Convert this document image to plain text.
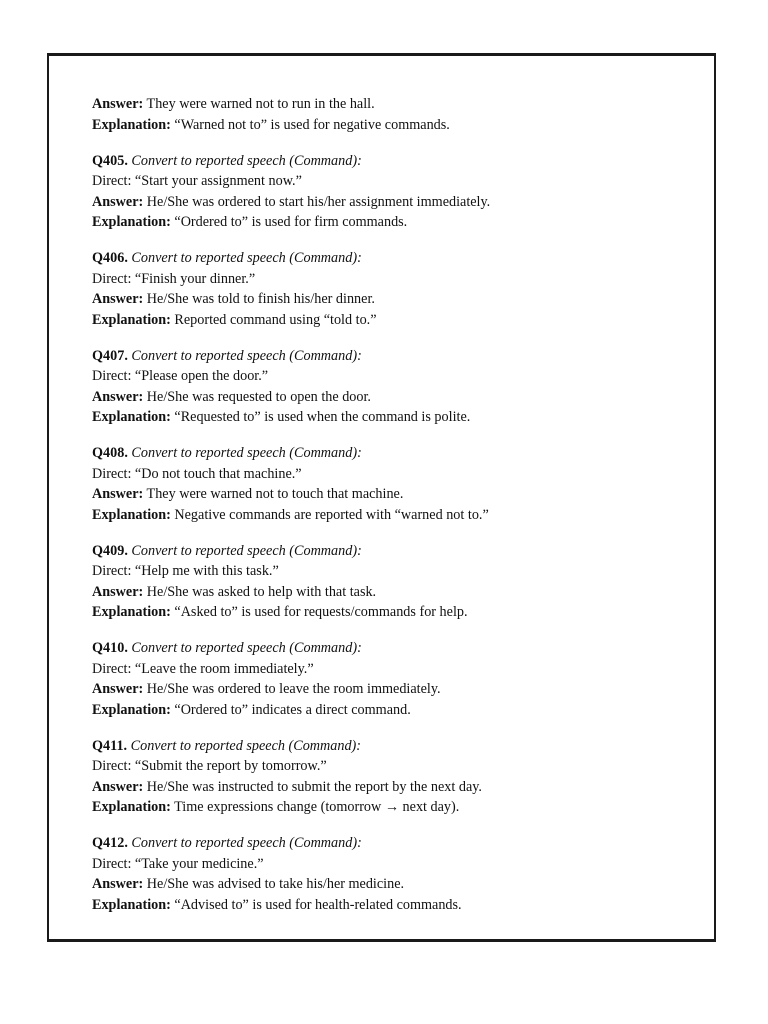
Answer: They were warned not to run in the hall.
Explanation: “Warned not to” is used for negative commands.
Q405. Convert to reported speech (Command):
Direct: “Start your assignment now.”
Answer: He/She was ordered to start his/her assignment immediately.
Explanation: “Ordered to” is used for firm commands.
Q406. Convert to reported speech (Command):
Direct: “Finish your dinner.”
Answer: He/She was told to finish his/her dinner.
Explanation: Reported command using “told to.”
Q407. Convert to reported speech (Command):
Direct: “Please open the door.”
Answer: He/She was requested to open the door.
Explanation: “Requested to” is used when the command is polite.
Q408. Convert to reported speech (Command):
Direct: “Do not touch that machine.”
Answer: They were warned not to touch that machine.
Explanation: Negative commands are reported with “warned not to.”
Q409. Convert to reported speech (Command):
Direct: “Help me with this task.”
Answer: He/She was asked to help with that task.
Explanation: “Asked to” is used for requests/commands for help.
Q410. Convert to reported speech (Command):
Direct: “Leave the room immediately.”
Answer: He/She was ordered to leave the room immediately.
Explanation: “Ordered to” indicates a direct command.
Q411. Convert to reported speech (Command):
Direct: “Submit the report by tomorrow.”
Answer: He/She was instructed to submit the report by the next day.
Explanation: Time expressions change (tomorrow → next day).
Q412. Convert to reported speech (Command):
Direct: “Take your medicine.”
Answer: He/She was advised to take his/her medicine.
Explanation: “Advised to” is used for health-related commands.
